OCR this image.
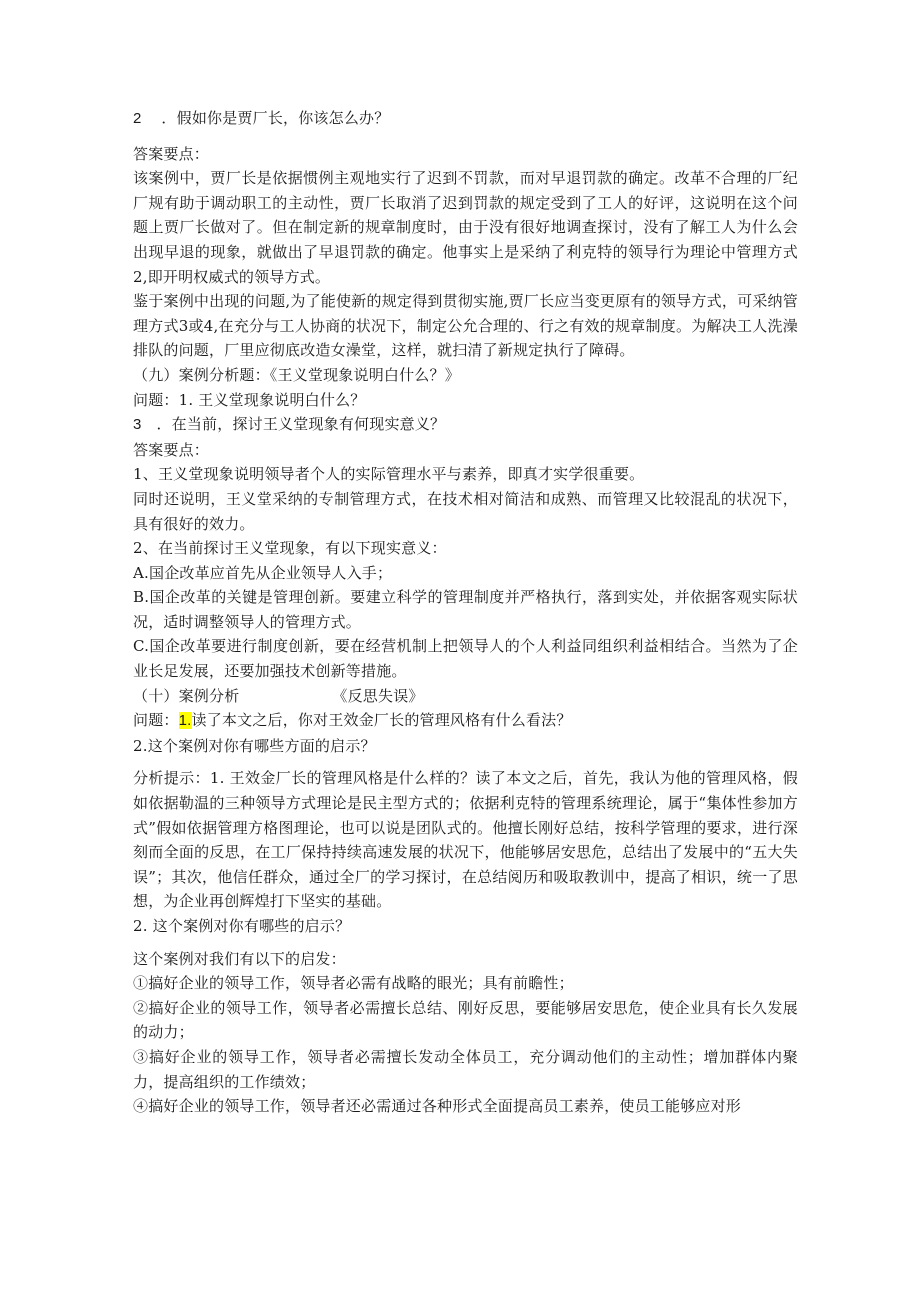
2 ．假如你是贾厂长，你该怎么办？

答案要点：

该案例中，贾厂长是依据惯例主观地实行了迟到不罚款，而对早退罚款的确定。改革不合理的厂纪厂规有助于调动职工的主动性，贾厂长取消了迟到罚款的规定受到了工人的好评，这说明在这个问题上贾厂长做对了。但在制定新的规章制度时，由于没有很好地调查探讨，没有了解工人为什么会出现早退的现象，就做出了早退罚款的确定。他事实上是采纳了利克特的领导行为理论中管理方式2,即开明权威式的领导方式。

鉴于案例中出现的问题,为了能使新的规定得到贯彻实施,贾厂长应当变更原有的领导方式，可采纳管理方式3或4,在充分与工人协商的状况下，制定公允合理的、行之有效的规章制度。为解决工人洗澡排队的问题，厂里应彻底改造女澡堂，这样，就扫清了新规定执行了障碍。

（九）案例分析题：《王义堂现象说明白什么？》

问题：1. 王义堂现象说明白什么？

3 ．在当前，探讨王义堂现象有何现实意义？

答案要点：

1、王义堂现象说明领导者个人的实际管理水平与素养，即真才实学很重要。

同时还说明，王义堂采纳的专制管理方式，在技术相对简洁和成熟、而管理又比较混乱的状况下，具有很好的效力。

2、在当前探讨王义堂现象，有以下现实意义：

A.国企改革应首先从企业领导人入手；

B.国企改革的关键是管理创新。要建立科学的管理制度并严格执行，落到实处，并依据客观实际状况，适时调整领导人的管理方式。

C.国企改革要进行制度创新，要在经营机制上把领导人的个人利益同组织利益相结合。当然为了企业长足发展，还要加强技术创新等措施。

（十）案例分析	《反思失误》

问题：1.读了本文之后，你对王效金厂长的管理风格有什么看法？

2.这个案例对你有哪些方面的启示？

分析提示：1. 王效金厂长的管理风格是什么样的？读了本文之后，首先，我认为他的管理风格，假如依据勒温的三种领导方式理论是民主型方式的；依据利克特的管理系统理论，属于“集体性参加方式”假如依据管理方格图理论，也可以说是团队式的。他擅长刚好总结，按科学管理的要求，进行深刻而全面的反思，在工厂保持持续高速发展的状况下，他能够居安思危，总结出了发展中的“五大失误”；其次，他信任群众，通过全厂的学习探讨，在总结阅历和吸取教训中，提高了相识，统一了思想，为企业再创辉煌打下坚实的基础。

2. 这个案例对你有哪些的启示？

这个案例对我们有以下的启发：

①搞好企业的领导工作，领导者必需有战略的眼光；具有前瞻性；

②搞好企业的领导工作，领导者必需擅长总结、刚好反思，要能够居安思危，使企业具有长久发展的动力；

③搞好企业的领导工作，领导者必需擅长发动全体员工，充分调动他们的主动性；增加群体内聚力，提高组织的工作绩效；

④搞好企业的领导工作，领导者还必需通过各种形式全面提高员工素养，使员工能够应对形
